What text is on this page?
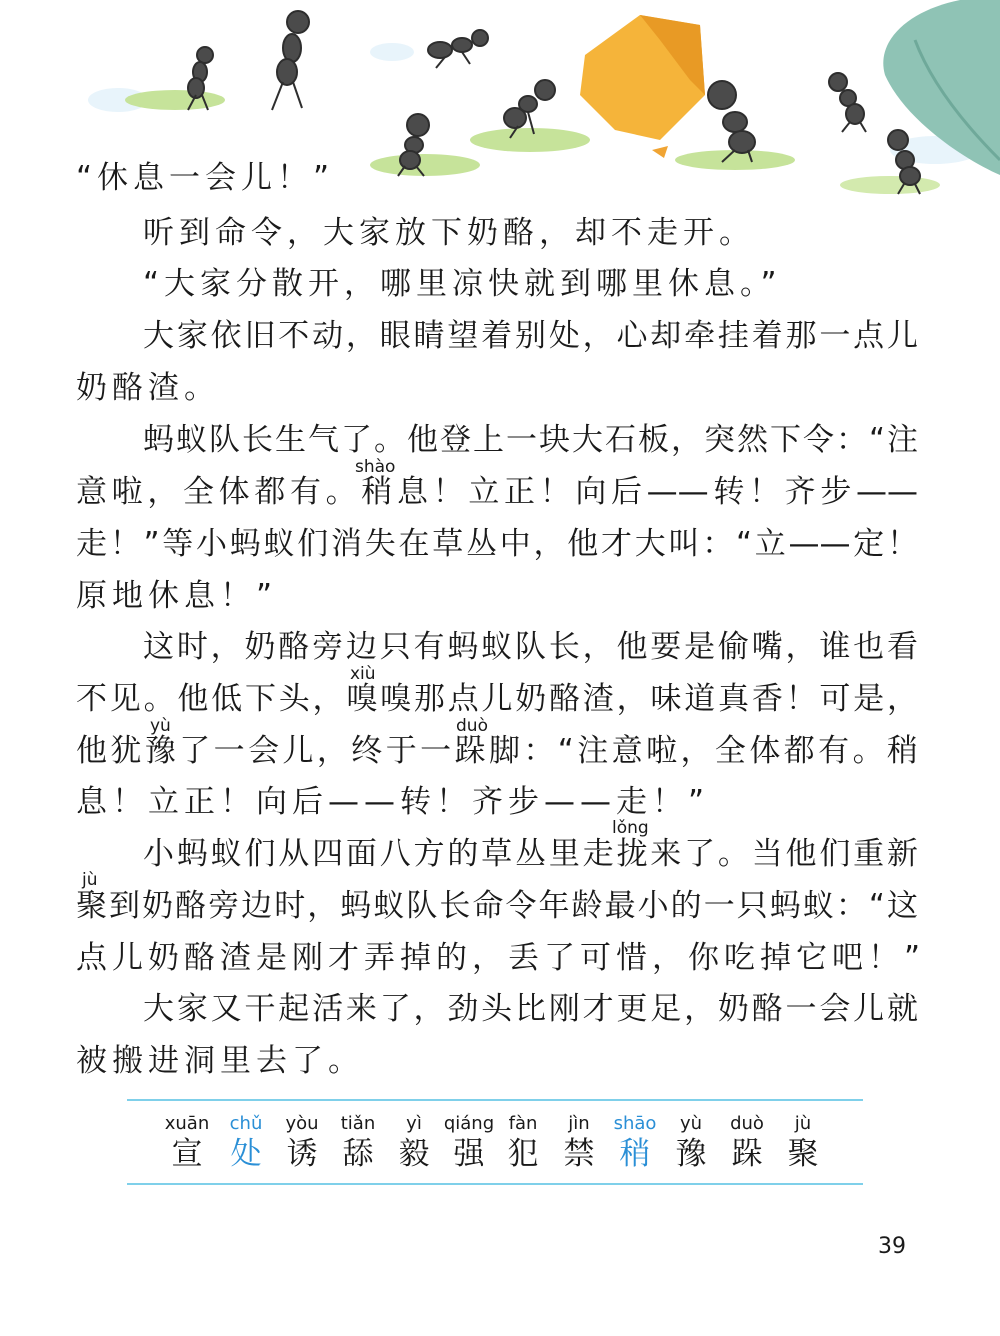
“休息一会儿！”
听到命令，大家放下奶酪，却不走开。
“大家分散开，哪里凉快就到哪里休息。”
大家依旧不动，眼睛望着别处，心却牵挂着那一点儿
奶酪渣。
蚂蚁队长生气了。他登上一块大石板，突然下令：“注
shào
意啦，全体都有。稍息！立正！向后——转！齐步——
走！”等小蚂蚁们消失在草丛中，他才大叫：“立——定！
原地休息！”
这时，奶酪旁边只有蚂蚁队长，他要是偷嘴，谁也看
xiù
不见。他低下头，嗅嗅那点儿奶酪渣，味道真香！可是，
yù	duò
他犹豫了一会儿，终于一跺脚：“注意啦，全体都有。稍
息！立正！向后——转！齐步——走！”
lǒng
小蚂蚁们从四面八方的草丛里走拢来了。当他们重新
jù
聚到奶酪旁边时，蚂蚁队长命令年龄最小的一只蚂蚁：“这
点儿奶酪渣是刚才弄掉的，丢了可惜，你吃掉它吧！”
大家又干起活来了，劲头比刚才更足，奶酪一会儿就
被搬进洞里去了。
xuān
宣
chǔ
处
yòu
诱
tiǎn
舔
yì
毅
qiáng
强
fàn
犯
jìn
禁
shāo
稍
yù
豫
duò
跺
jù
聚
39
